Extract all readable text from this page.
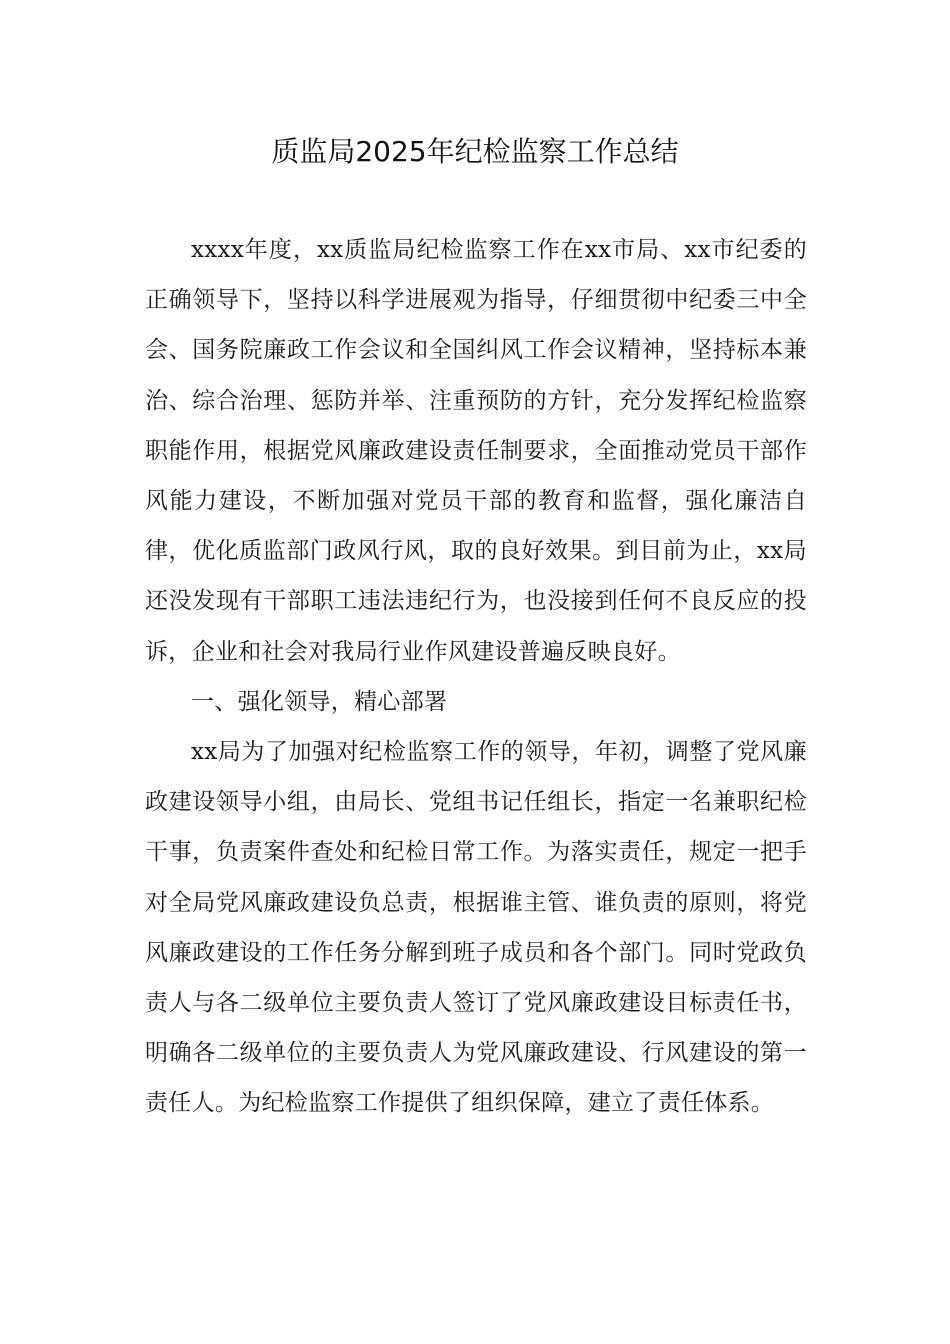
质监局2025年纪检监察工作总结

xxxx年度，xx质监局纪检监察工作在xx市局、xx市纪委的正确领导下，坚持以科学进展观为指导，仔细贯彻中纪委三中全会、国务院廉政工作会议和全国纠风工作会议精神，坚持标本兼治、综合治理、惩防并举、注重预防的方针，充分发挥纪检监察职能作用，根据党风廉政建设责任制要求，全面推动党员干部作风能力建设，不断加强对党员干部的教育和监督，强化廉洁自律，优化质监部门政风行风，取的良好效果。到目前为止，xx局还没发现有干部职工违法违纪行为，也没接到任何不良反应的投诉，企业和社会对我局行业作风建设普遍反映良好。

一、强化领导，精心部署

xx局为了加强对纪检监察工作的领导，年初，调整了党风廉政建设领导小组，由局长、党组书记任组长，指定一名兼职纪检干事，负责案件查处和纪检日常工作。为落实责任，规定一把手对全局党风廉政建设负总责，根据谁主管、谁负责的原则，将党风廉政建设的工作任务分解到班子成员和各个部门。同时党政负责人与各二级单位主要负责人签订了党风廉政建设目标责任书，明确各二级单位的主要负责人为党风廉政建设、行风建设的第一责任人。为纪检监察工作提供了组织保障，建立了责任体系。
